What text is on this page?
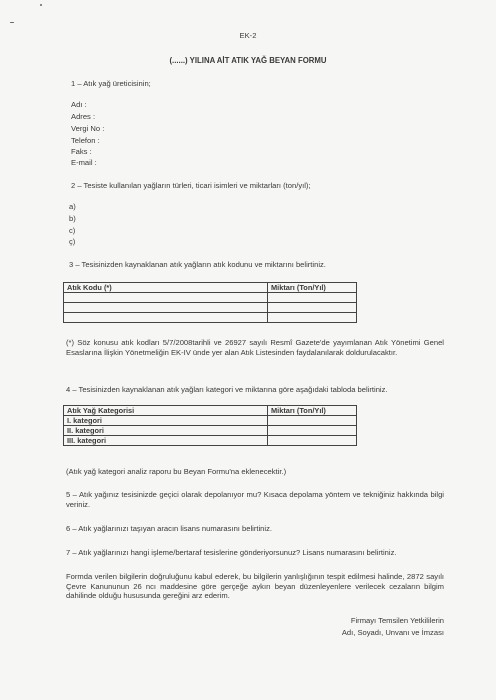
EK-2
(......) YILINA AİT ATIK YAĞ BEYAN FORMU
1 – Atık yağ üreticisinin;
Adı :
Adres :
Vergi No :
Telefon :
Faks :
E-mail :
2 – Tesiste kullanılan yağların türleri, ticari isimleri ve miktarları (ton/yıl);
a)
b)
c)
ç)
3 – Tesisinizden kaynaklanan atık yağların atık kodunu ve miktarını belirtiniz.
Atık Kodu (*)	Miktarı (Ton/Yıl)

(*) Söz konusu atık kodları 5/7/2008tarihli ve 26927 sayılı Resmî Gazete'de yayımlanan Atık Yönetimi Genel Esaslarına İlişkin Yönetmeliğin EK-IV ünde yer alan Atık Listesinden faydalanılarak doldurulacaktır.
4 – Tesisinizden kaynaklanan atık yağları kategori ve miktarına göre aşağıdaki tabloda belirtiniz.
Atık Yağ Kategorisi	Miktarı (Ton/Yıl)
I. kategori	
II. kategori	
III. kategori	
(Atık yağ kategori analiz raporu bu Beyan Formu'na eklenecektir.)
5 – Atık yağınız tesisinizde geçici olarak depolanıyor mu? Kısaca depolama yöntem ve tekniğiniz hakkında bilgi veriniz.
6 – Atık yağlarınızı taşıyan aracın lisans numarasını belirtiniz.
7 – Atık yağlarınızı hangi işleme/bertaraf tesislerine gönderiyorsunuz? Lisans numarasını belirtiniz.
Formda verilen bilgilerin doğruluğunu kabul ederek, bu bilgilerin yanlışlığının tespit edilmesi halinde, 2872 sayılı Çevre Kanununun 26 ncı maddesine göre gerçeğe aykırı beyan düzenleyenlere verilecek cezaların bilgim dahilinde olduğu hususunda gereğini arz ederim.
Firmayı Temsilen Yetkililerin
Adı, Soyadı, Unvanı ve İmzası
